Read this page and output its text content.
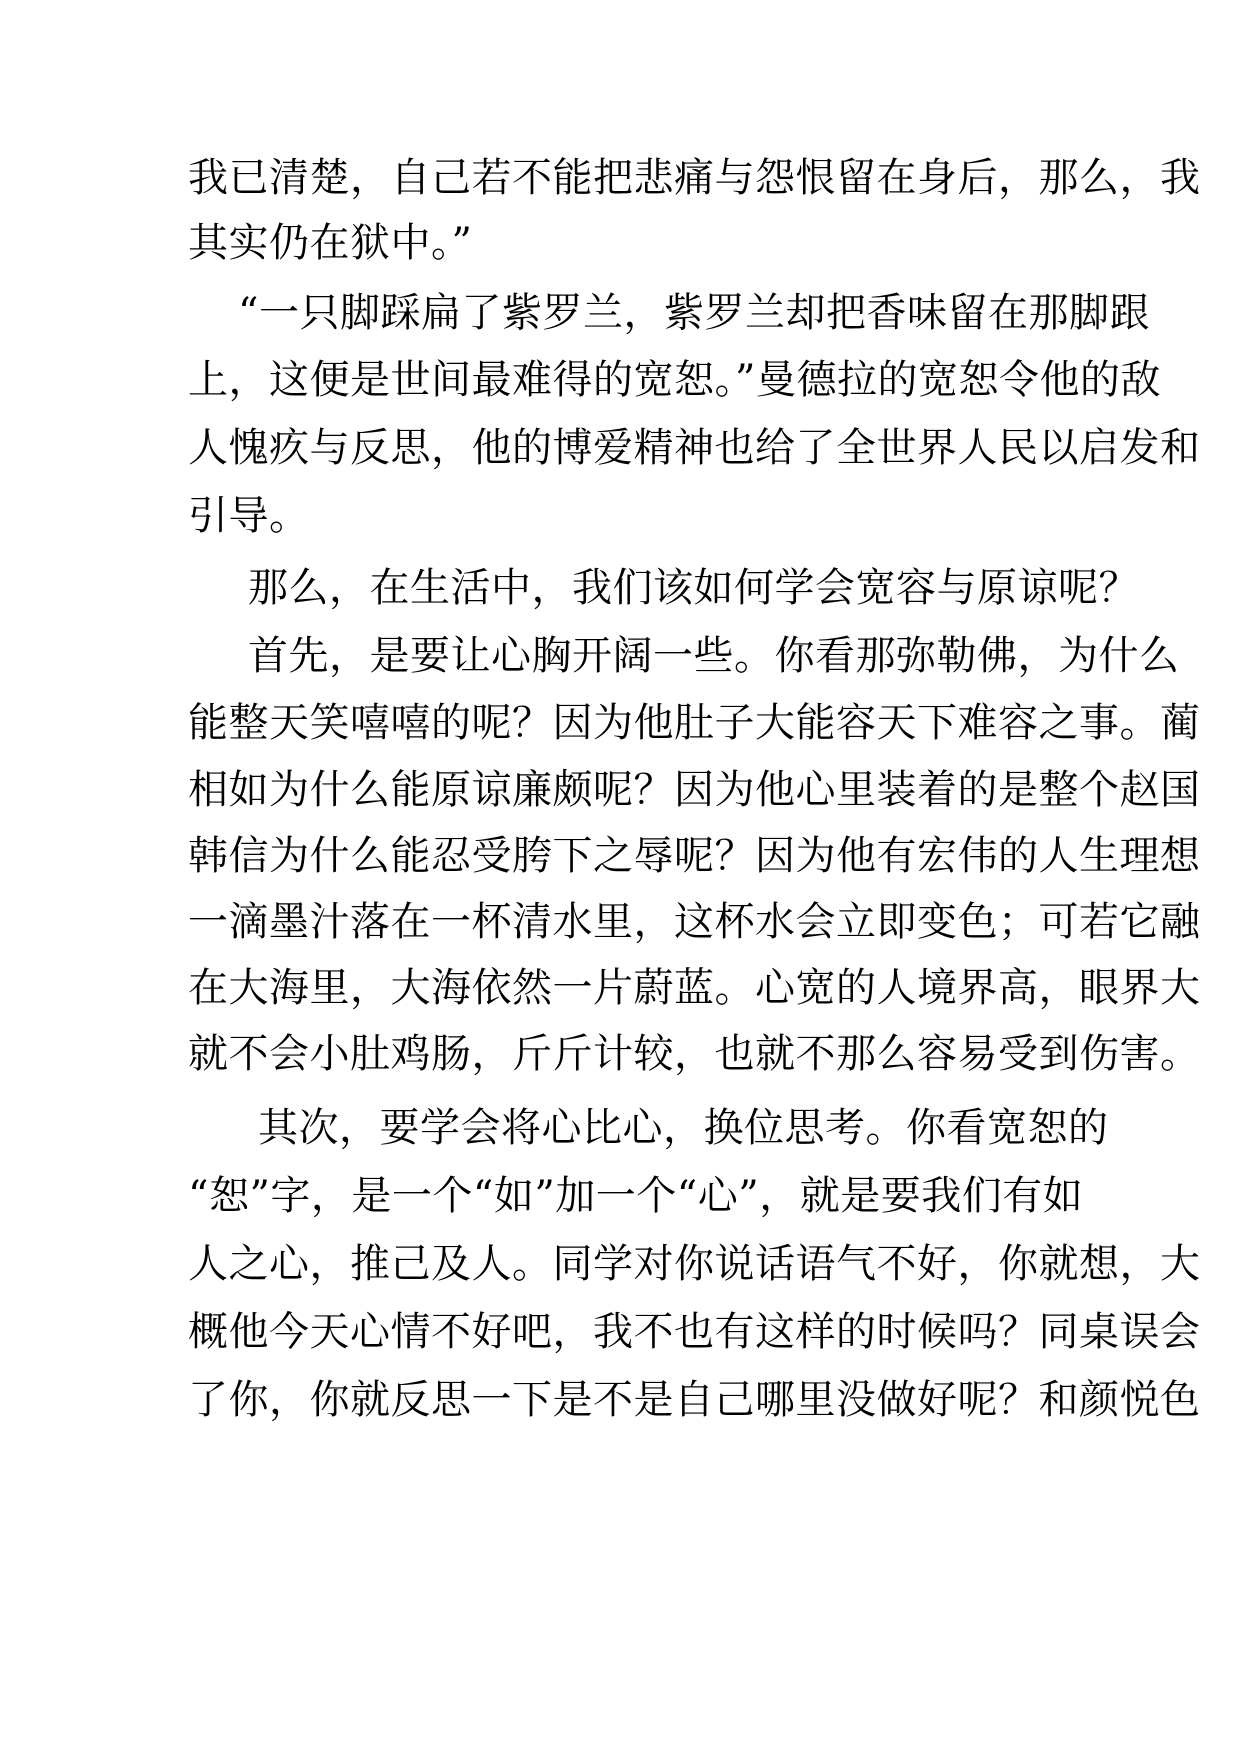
我已清楚，自己若不能把悲痛与怨恨留在身后，那么，我
其实仍在狱中。”
“一只脚踩扁了紫罗兰，紫罗兰却把香味留在那脚跟
上，这便是世间最难得的宽恕。”曼德拉的宽恕令他的敌
人愧疚与反思，他的博爱精神也给了全世界人民以启发和
引导。
那么，在生活中，我们该如何学会宽容与原谅呢？
首先，是要让心胸开阔一些。你看那弥勒佛，为什么
能整天笑嘻嘻的呢？因为他肚子大能容天下难容之事。蔺
相如为什么能原谅廉颇呢？因为他心里装着的是整个赵国
韩信为什么能忍受胯下之辱呢？因为他有宏伟的人生理想
一滴墨汁落在一杯清水里，这杯水会立即变色；可若它融
在大海里，大海依然一片蔚蓝。心宽的人境界高，眼界大
就不会小肚鸡肠，斤斤计较，也就不那么容易受到伤害。
其次，要学会将心比心，换位思考。你看宽恕的
“恕”字，是一个“如”加一个“心”，就是要我们有如
人之心，推己及人。同学对你说话语气不好，你就想，大
概他今天心情不好吧，我不也有这样的时候吗？同桌误会
了你，你就反思一下是不是自己哪里没做好呢？和颜悦色
